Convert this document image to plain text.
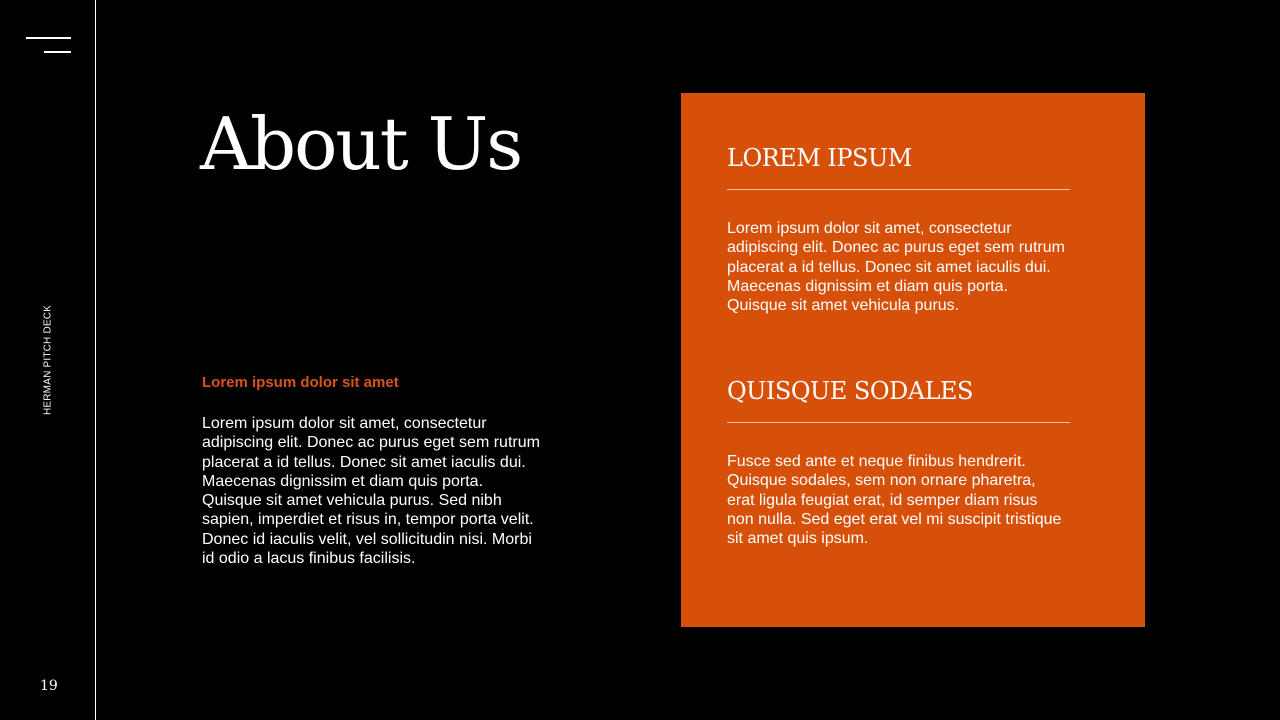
HERMAN PITCH DECK
19
About Us
Lorem ipsum dolor sit amet
Lorem ipsum dolor sit amet, consectetur adipiscing elit. Donec ac purus eget sem rutrum placerat a id tellus. Donec sit amet iaculis dui. Maecenas dignissim et diam quis porta. Quisque sit amet vehicula purus. Sed nibh sapien, imperdiet et risus in, tempor porta velit. Donec id iaculis velit, vel sollicitudin nisi. Morbi id odio a lacus finibus facilisis.
LOREM IPSUM
Lorem ipsum dolor sit amet, consectetur adipiscing elit. Donec ac purus eget sem rutrum placerat a id tellus. Donec sit amet iaculis dui. Maecenas dignissim et diam quis porta. Quisque sit amet vehicula purus.
QUISQUE SODALES
Fusce sed ante et neque finibus hendrerit. Quisque sodales, sem non ornare pharetra, erat ligula feugiat erat, id semper diam risus non nulla. Sed eget erat vel mi suscipit tristique sit amet quis ipsum.
